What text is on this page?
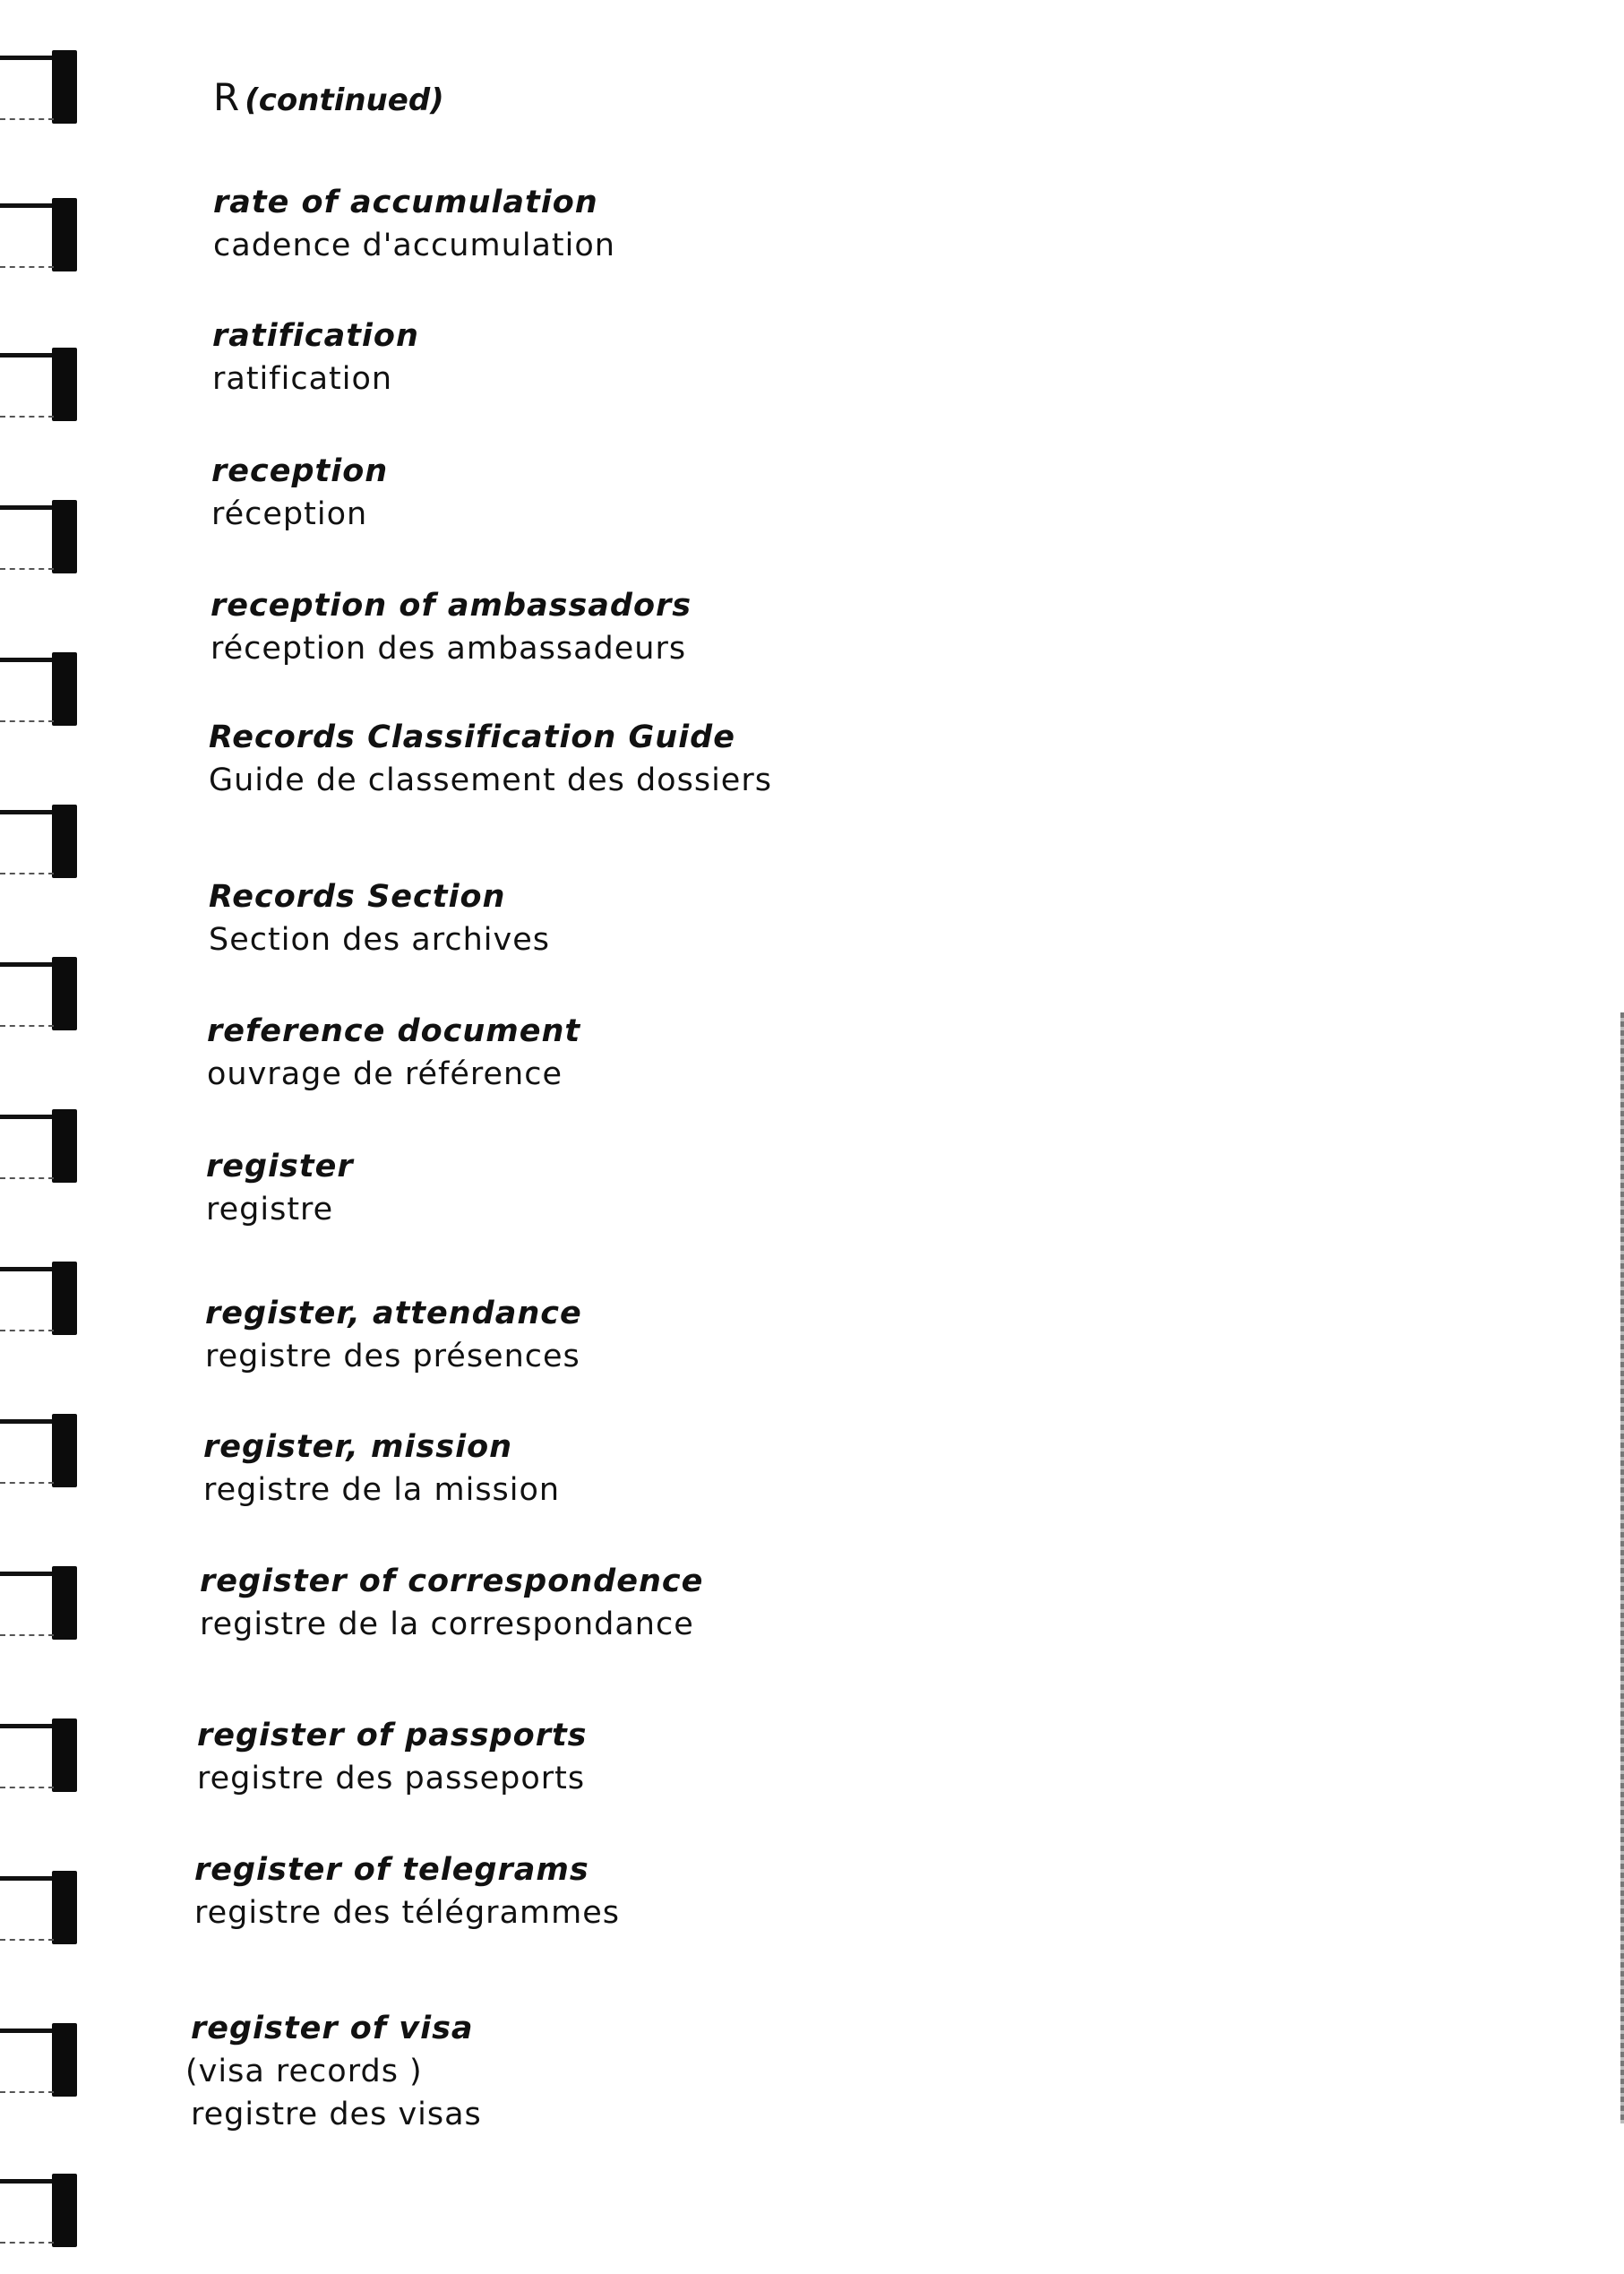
R (continued)
rate of accumulation
cadence d'accumulation
ratification
ratification
reception
réception
reception of ambassadors
réception des ambassadeurs
Records Classification Guide
Guide de classement des dossiers
Records Section
Section des archives
reference document
ouvrage de référence
register
registre
register, attendance
registre des présences
register, mission
registre de la mission
register of correspondence
registre de la correspondance
register of passports
registre des passeports
register of telegrams
registre des télégrammes
register of visa
(visa records )
registre des visas
